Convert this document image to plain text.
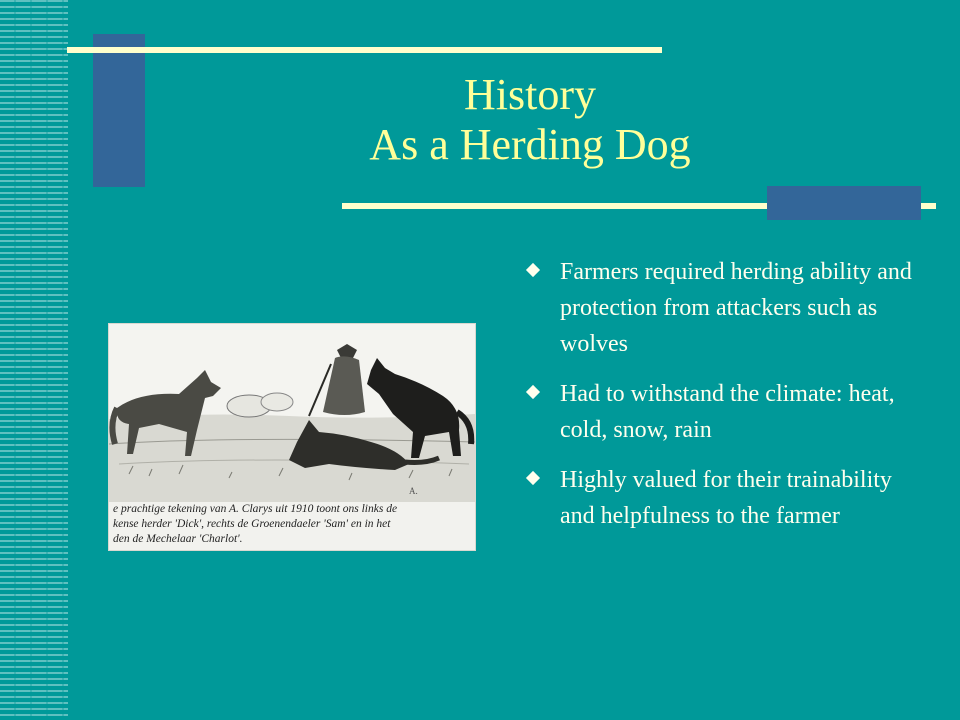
History
As a Herding Dog
A.
e prachtige tekening van A. Clarys uit 1910 toont ons links de
kense herder 'Dick', rechts de Groenendaeler 'Sam' en in het
den de Mechelaar 'Charlot'.
Farmers required herding ability and protection from attackers such as wolves
Had to withstand the climate: heat, cold, snow, rain
Highly valued for their trainability and helpfulness to the farmer
